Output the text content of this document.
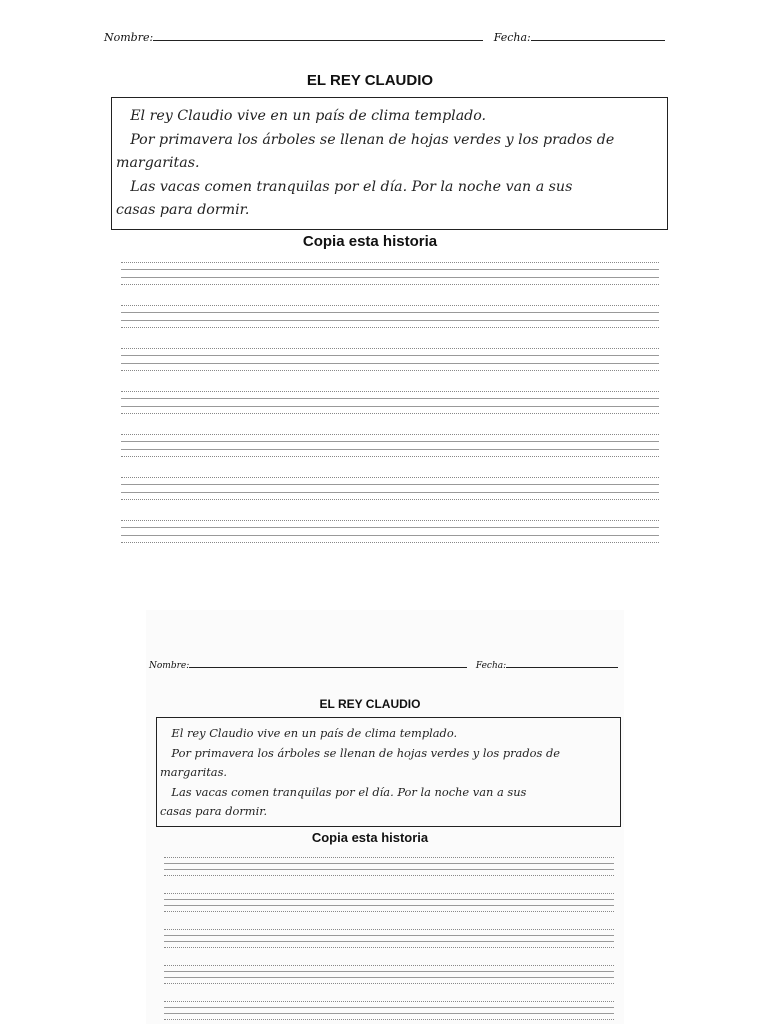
Nombre:	Fecha:
EL REY CLAUDIO

El rey Claudio vive en un país de clima templado.

Por primavera los árboles se llenan de hojas verdes y los prados de

margaritas.

Las vacas comen tranquilas por el día. Por la noche van a sus

casas para dormir.

Copia esta historia
Nombre:	Fecha:
EL REY CLAUDIO

El rey Claudio vive en un país de clima templado.

Por primavera los árboles se llenan de hojas verdes y los prados de

margaritas.

Las vacas comen tranquilas por el día. Por la noche van a sus

casas para dormir.

Copia esta historia
